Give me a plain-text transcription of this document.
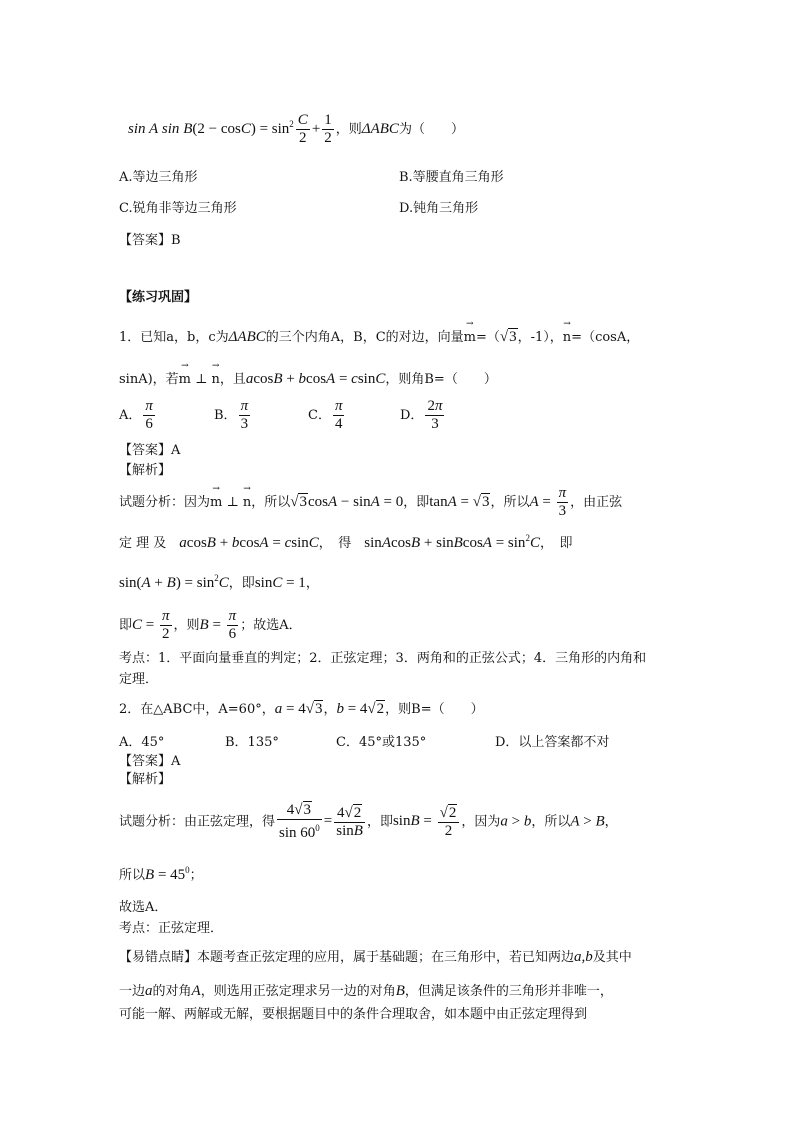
sin A $\sin B(2 - \cos C) = \sin^2 \frac{C}{2} + \frac{1}{2}$ ，则ΔABC为（　　）
A.等边三角形	B.等腰直角三角形
C.锐角非等边三角形	D.钝角三角形
【答案】B
【练习巩固】
1．已知a，b，c为ΔABC的三个内角A，B，C的对边，向量→ m=（√3，-1），→ n=（cosA，
sinA)，若→ m ⊥ → n，且acosB + bcosA = csinC，则角B=（　　）
A． $\frac{\pi}{6}$	B． $\frac{\pi}{3}$	C． $\frac{\pi}{4}$	D． $\frac{2\pi}{3}$
【答案】A
【解析】
试题分析：因为→ m ⊥ → n，所以√3cosA − sinA = 0，即tanA = √3，所以$A = \frac{\pi}{3}$ ，由正弦
定 理 及　 acosB + bcosA = csinC，　得　 sinAcosB + sinBcosA = $\sin^2C$，　即
$\sin(A + B) = \sin^2C$，即sinC = 1，
即$C = \frac{\pi}{2}$ ，则$B = \frac{\pi}{6}$ ；故选A．
考点：1．平面向量垂直的判定；2．正弦定理；3．两角和的正弦公式；4．三角形的内角和
定理．
2．在△ABC中，A=60°，a = 4√3，b = 4√2，则B=（　　）
A．45°	B．135°	C．45°或135°	D．以上答案都不对
【答案】A
【解析】
试题分析：由正弦定理，得 $\frac{4√3}{\sin 60^0} = \frac{4√2}{\sin B}$ ，即$\sin B = \frac{√2}{2}$ ，因为a > b，所以A > B，
所以$B = 45^0$；
故选A．
考点：正弦定理．
【易错点睛】本题考查正弦定理的应用，属于基础题；在三角形中，若已知两边a,b及其中
一边a的对角A，则选用正弦定理求另一边的对角B，但满足该条件的三角形并非唯一，
可能一解、两解或无解，要根据题目中的条件合理取舍，如本题中由正弦定理得到
